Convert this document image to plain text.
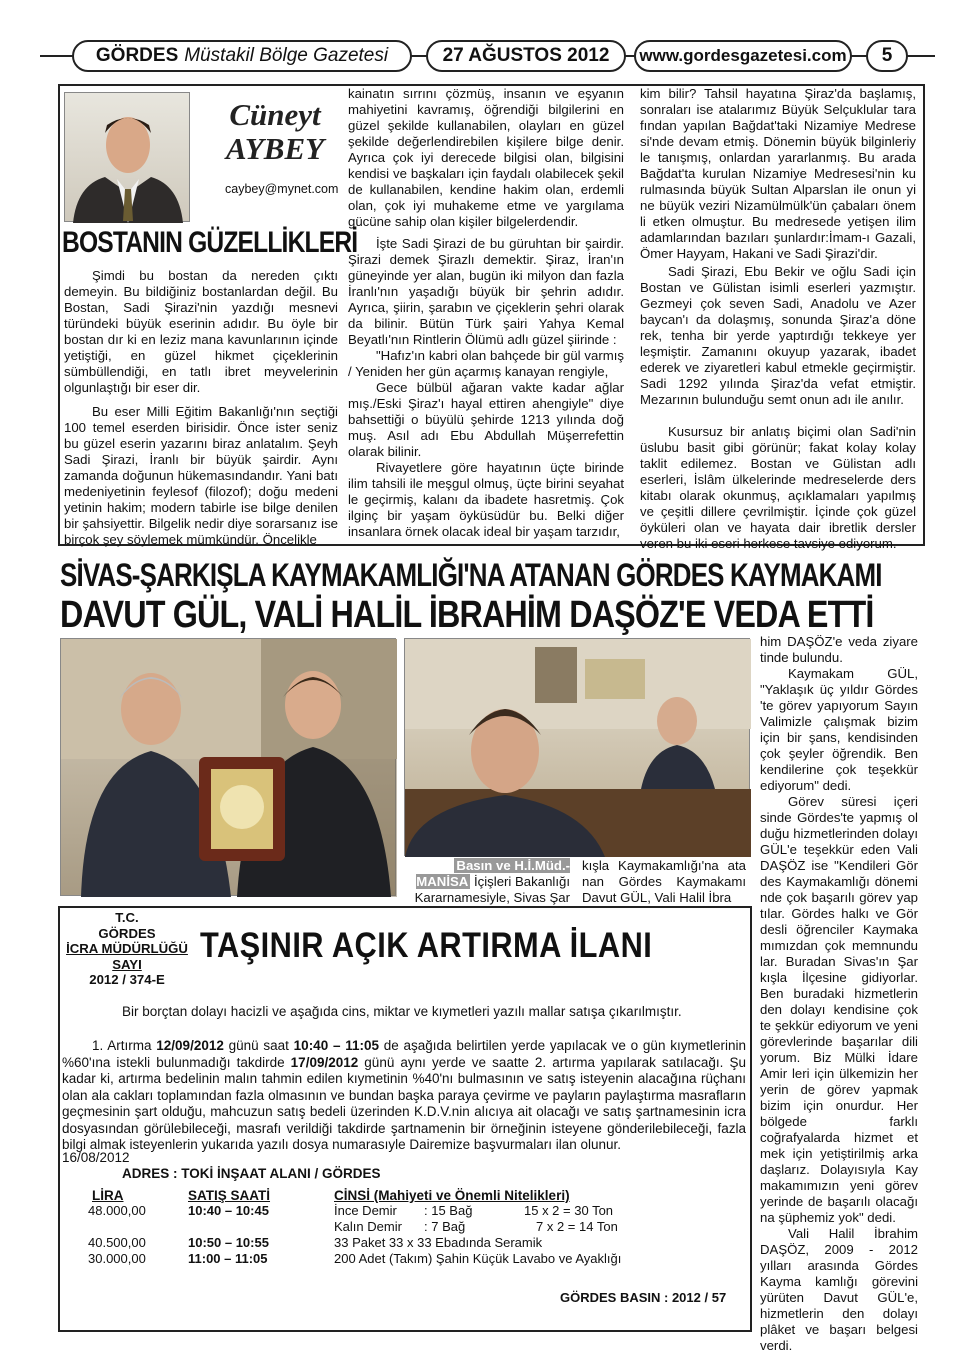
GÖRDES Müstakil Bölge Gazetesi	27 AĞUSTOS 2012	www.gordesgazetesi.com	5
Cüneyt
AYBEY
caybey@mynet.com
BOSTANIN GÜZELLİKLERİ

Şimdi bu bostan da nereden çıktı demeyin. Bu bildiğiniz bostanlardan değil. Bu Bostan, Sadi Şirazi'nin yazdığı mesnevi türündeki büyük eserinin adıdır. Bu öyle bir bostan dır ki en leziz mana kavunlarının içinde yetiştiği, en güzel hikmet çiçeklerinin sümbüllendiği, en tatlı ibret meyvelerinin olgunlaştığı bir eser dir.

Bu eser Milli Eğitim Bakanlığı'nın seçtiği 100 temel eserden birisidir. Önce ister seniz bu güzel eserin yazarını biraz anlatalım. Şeyh Sadi Şirazi, İranlı bir büyük şairdir. Aynı zamanda doğunun hükemasındandır. Yani batı medeniyetinin feylesof (filozof); doğu medeni yetinin hakim; modern tabirle ise bilge denilen bir şahsiyettir. Bilgelik nedir diye sorarsanız ise birçok şey söylemek mümkündür. Öncelikle

kainatın sırrını çözmüş, insanın ve eşyanın mahiyetini kavramış, öğrendiği bilgilerini en güzel şekilde kullanabilen, olayları en güzel şekilde değerlendirebilen kişilere bilge denir. Ayrıca çok iyi derecede bilgisi olan, bilgisini kendisi ve başkaları için faydalı olabilecek şekil de kullanabilen, kendine hakim olan, erdemli olan, çok iyi muhakeme etme ve yargılama gücüne sahip olan kişiler bilgelerdendir.

İşte Sadi Şirazi de bu güruhtan bir şairdir. Şirazi demek Şirazlı demektir. Şiraz, İran'ın güneyinde yer alan, bugün iki milyon dan fazla İranlı'nın yaşadığı büyük bir şehrin adıdır. Ayrıca, şiirin, şarabın ve çiçeklerin şehri olarak da bilinir. Bütün Türk şairi Yahya Kemal Beyatlı'nın Rintlerin Ölümü adlı güzel şiirinde :

"Hafız'ın kabri olan bahçede bir gül varmış / Yeniden her gün açarmış kanayan rengiyle,

Gece bülbül ağaran vakte kadar ağlar mış./Eski Şiraz'ı hayal ettiren ahengiyle" diye bahsettiği o büyülü şehirde 1213 yılında doğ muş. Asıl adı Ebu Abdullah Müşerrefettin olarak bilinir.

Rivayetlere göre hayatının üçte birinde ilim tahsili ile meşgul olmuş, üçte birini seyahat le geçirmiş, kalanı da ibadete hasretmiş. Çok ilginç bir yaşam öyküsüdür bu. Belki diğer insanlara örnek olacak ideal bir yaşam tarzıdır,

kim bilir? Tahsil hayatına Şiraz'da başlamış, sonraları ise atalarımız Büyük Selçuklular tara fından yapılan Bağdat'taki Nizamiye Medrese si'nde devam etmiş. Dönemin büyük bilginleriy le tanışmış, onlardan yararlanmış. Bu arada Bağdat'ta kurulan Nizamiye Medresesi'nin ku rulmasında büyük Sultan Alparslan ile onun yi ne büyük veziri Nizamülmülk'ün çabaları önem li etken olmuştur. Bu medresede yetişen ilim adamlarından bazıları şunlardır:İmam-ı Gazali, Ömer Hayyam, Hakani ve Sadi Şirazi'dir.

Sadi Şirazi, Ebu Bekir ve oğlu Sadi için Bostan ve Gülistan isimli eserleri yazmıştır. Gezmeyi çok seven Sadi, Anadolu ve Azer baycan'ı da dolaşmış, sonunda Şiraz'a döne rek, tenha bir yerde yaptırdığı tekkeye yer leşmiştir. Zamanını okuyup yazarak, ibadet ederek ve ziyaretleri kabul etmekle geçirmiştir. Sadi 1292 yılında Şiraz'da vefat etmiştir. Mezarının bulunduğu semt onun adı ile anılır.

Kusursuz bir anlatış biçimi olan Sadi'nin üslubu basit gibi görünür; fakat kolay kolay taklit edilemez. Bostan ve Gülistan adlı eserleri, İslâm ülkelerinde medreselerde ders kitabı olarak okunmuş, açıklamaları yapılmış ve çeşitli dillere çevrilmiştir. İçinde çok güzel öyküleri olan ve hayata dair ibretlik dersler veren bu iki eseri herkese tavsiye ediyorum.

SİVAS-ŞARKIŞLA KAYMAKAMLIĞI'NA ATANAN GÖRDES KAYMAKAMI
DAVUT GÜL, VALİ HALİL İBRAHİM DAŞÖZ'E VEDA ETTİ
Basın ve H.İ.Müd.-MANİSA İçişleri Bakanlığı Kararnamesiyle, Sivas Şar
kışla Kaymakamlığı'na ata nan Gördes Kaymakamı Davut GÜL, Vali Halil İbra

him DAŞÖZ'e veda ziyare tinde bulundu.

Kaymakam GÜL, "Yaklaşık üç yıldır Gördes 'te görev yapıyorum Sayın Valimizle çalışmak bizim için bir şans, kendisinden çok şeyler öğrendik. Ben kendilerine çok teşekkür ediyorum" dedi.

Görev süresi içeri sinde Gördes'te yapmış ol duğu hizmetlerinden dolayı GÜL'e teşekkür eden Vali DAŞÖZ ise "Kendileri Gör des Kaymakamlığı dönemi nde çok başarılı görev yap tılar. Gördes halkı ve Gör desli öğrenciler Kaymaka mımızdan çok memnundu lar. Buradan Sivas'ın Şar kışla İlçesine gidiyorlar. Ben buradaki hizmetlerin den dolayı kendisine çok te şekkür ediyorum ve yeni görevlerinde başarılar dili yorum. Biz Mülki İdare Amir leri için ülkemizin her yerin de görev yapmak bizim için onurdur. Her bölgede farklı coğrafyalarda hizmet et mek için yetiştirilmiş arka daşlarız. Dolayısıyla Kay makamımızın yeni görev yerinde de başarılı olacağı na şüphemiz yok" dedi.

Vali Halil İbrahim DAŞÖZ, 2009 - 2012 yılları arasında Gördes Kayma kamlığı görevini yürüten Davut GÜL'e, hizmetlerin den dolayı plâket ve başarı belgesi verdi.

T.C.
GÖRDES
İCRA MÜDÜRLÜĞÜ
SAYI
2012 / 374-E
TAŞINIR AÇIK ARTIRMA İLANI
Bir borçtan dolayı hacizli ve aşağıda cins, miktar ve kıymetleri yazılı mallar satışa çıkarılmıştır.
1. Artırma 12/09/2012 günü saat 10:40 – 11:05 de aşağıda belirtilen yerde yapılacak ve o gün kıymetlerinin %60'ına istekli bulunmadığı takdirde 17/09/2012 günü aynı yerde ve saatte 2. artırma yapılarak satılacağı. Şu kadar ki, artırma bedelinin malın tahmin edilen kıymetinin %40'nı bulmasının ve satış isteyenin alacağına rüçhanı olan ala cakları toplamından fazla olmasının ve bundan başka paraya çevirme ve payların paylaştırma masrafların geçmesinin şart olduğu, mahcuzun satış bedeli üzerinden K.D.V.nin alıcıya ait olacağı ve satış şartnamesinin icra dosyasından görülebileceği, masrafı verildiği takdirde şartnamenin bir örneğinin isteyene gönderilebileceği, fazla bilgi almak isteyenlerin yukarıda yazılı dosya numarasıyle Dairemize başvurmaları ilan olunur.
16/08/2012
ADRES : TOKİ İNŞAAT ALANI / GÖRDES
LİRA	SATIŞ SAATİ	CİNSİ (Mahiyeti ve Önemli Nitelikleri)
48.000,00	10:40 – 10:45	İnce Demir	: 15 Bağ	15 x 2 = 30 Ton
		Kalın Demir	: 7 Bağ	7 x 2 = 14 Ton
40.500,00	10:50 – 10:55	33 Paket 33 x 33 Ebadında Seramik		
30.000,00	11:00 – 11:05	200 Adet (Takım) Şahin Küçük Lavabo ve Ayaklığı		
GÖRDES BASIN : 2012 / 57
